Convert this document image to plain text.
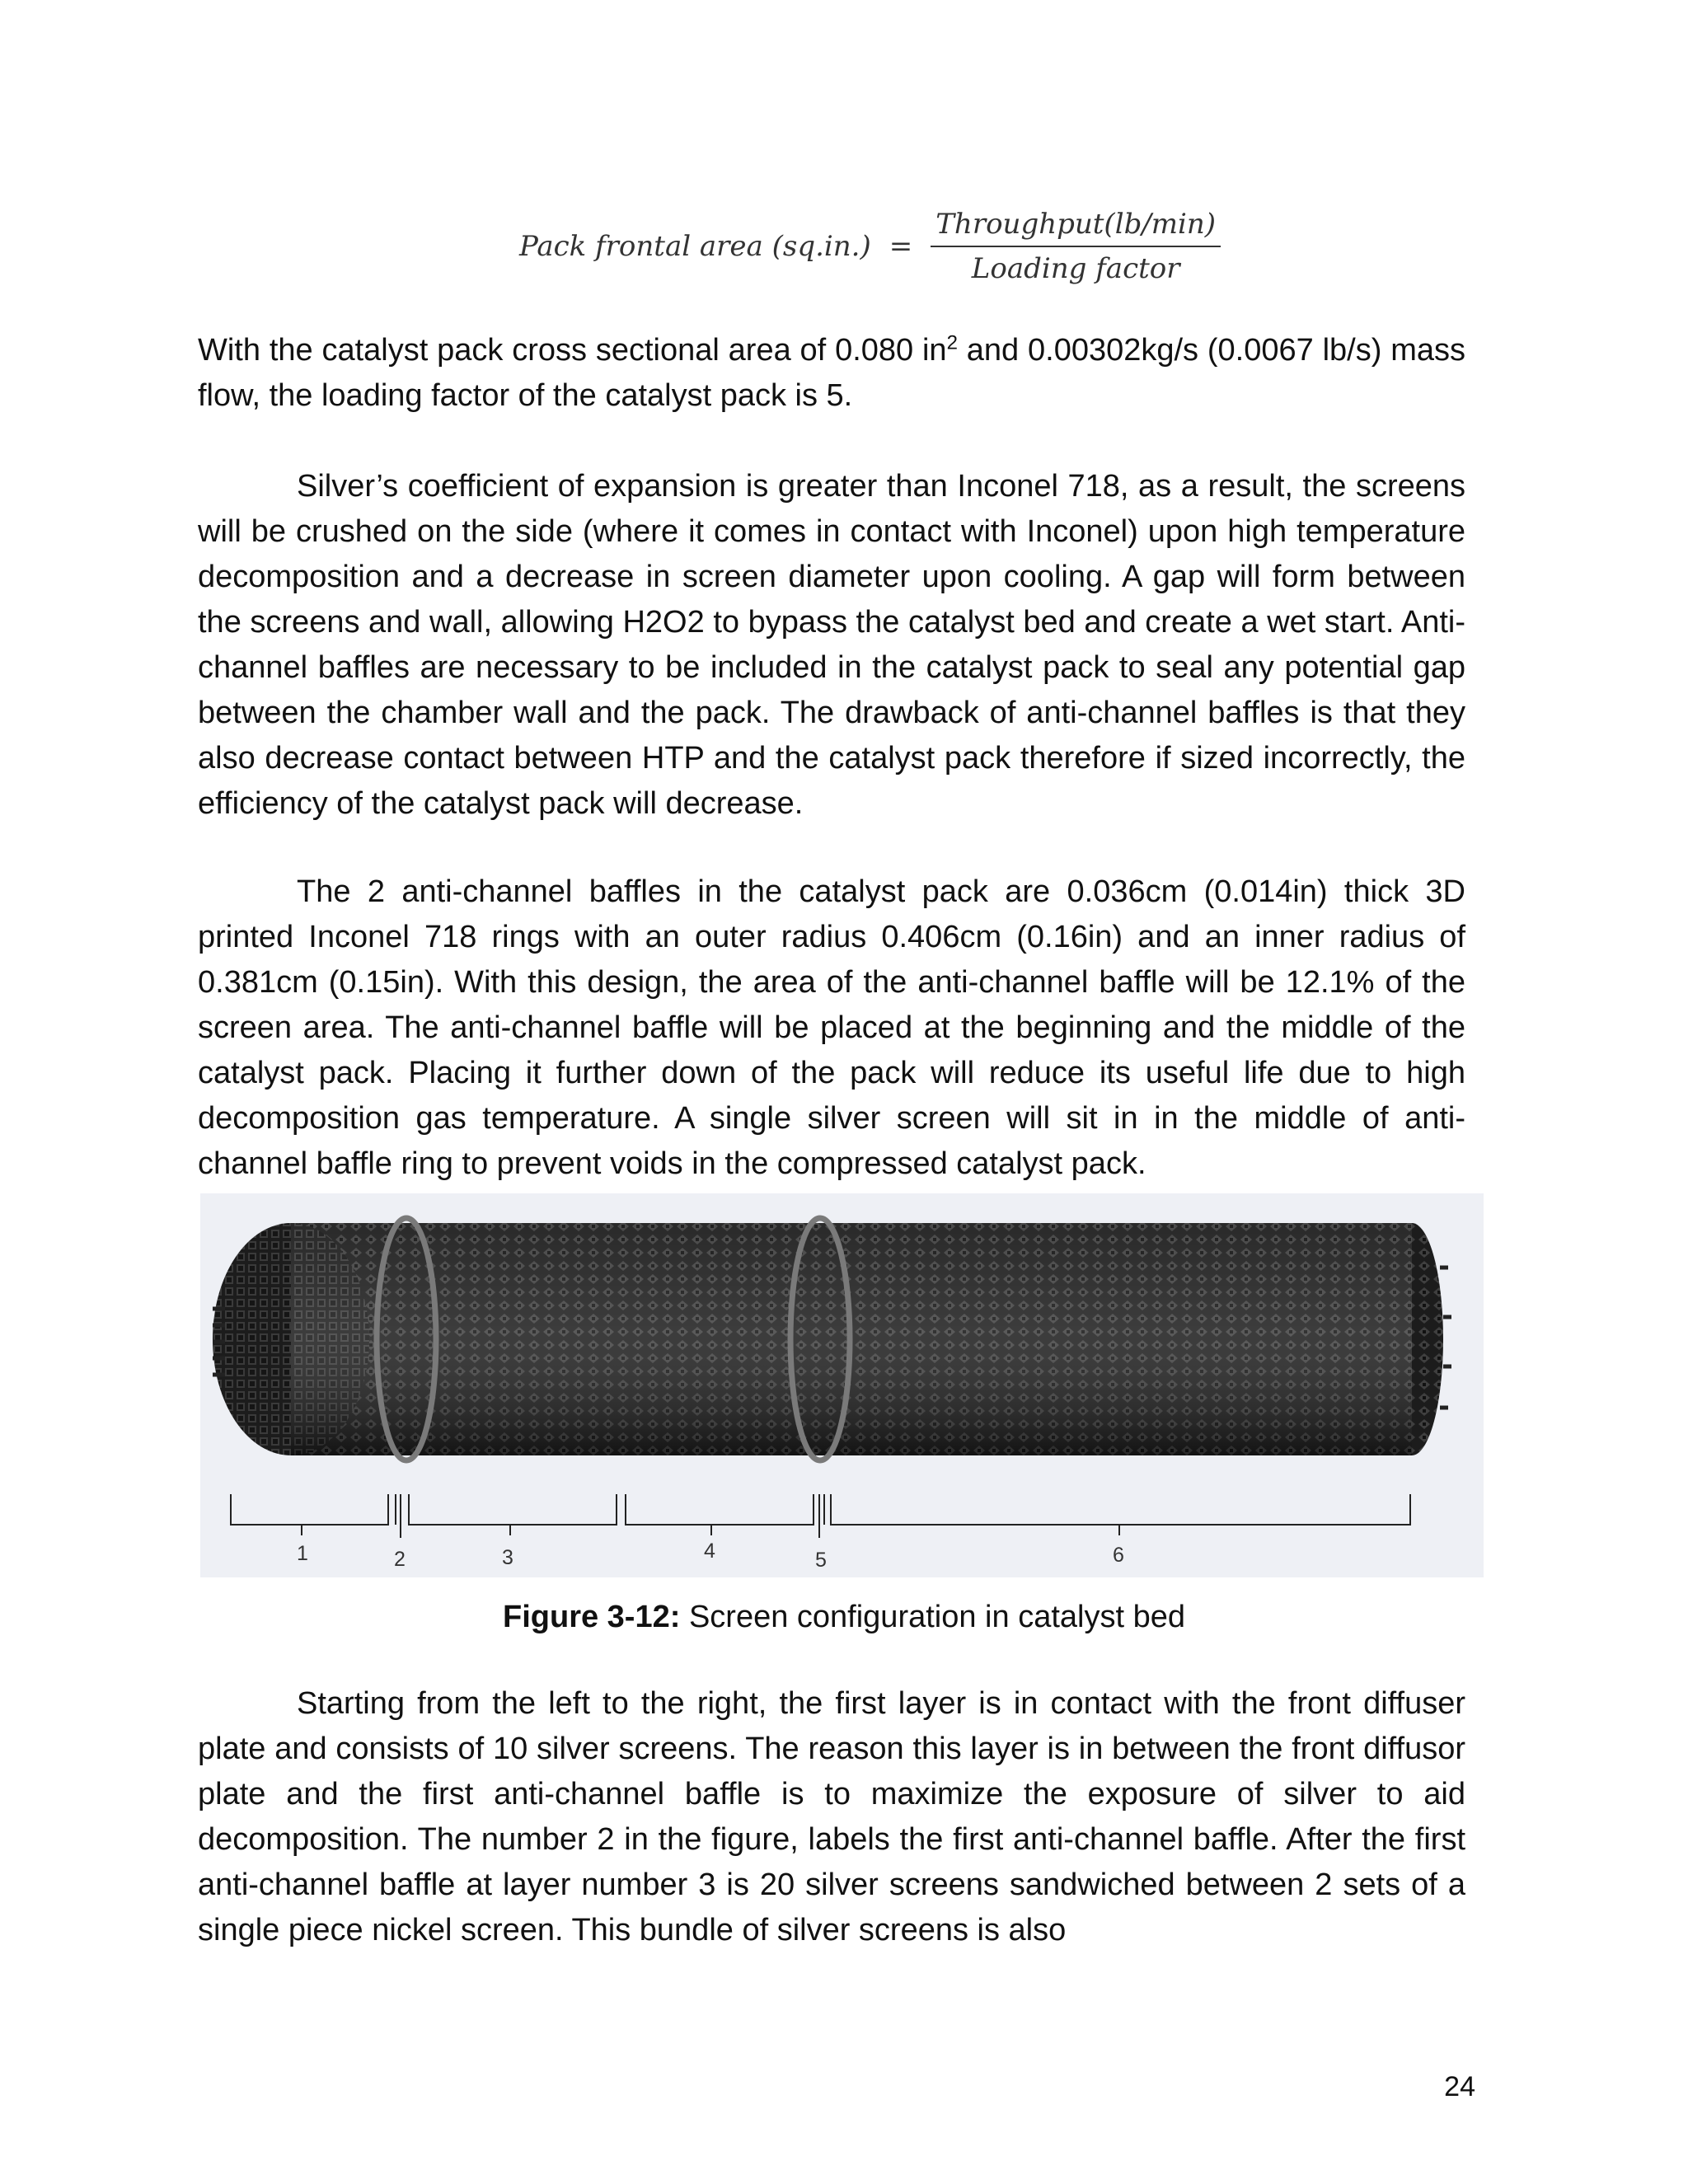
Pack frontal area $(sq.in.) = \frac{\text{Throughput(lb/min)}}{\text{Loading factor}}$

With the catalyst pack cross sectional area of 0.080 $in^2$ and 0.00302kg/s (0.0067 lb/s) mass flow, the loading factor of the catalyst pack is 5.

Silver’s coefficient of expansion is greater than Inconel 718, as a result, the screens will be crushed on the side (where it comes in contact with Inconel) upon high temperature decomposition and a decrease in screen diameter upon cooling. A gap will form between the screens and wall, allowing H2O2 to bypass the catalyst bed and create a wet start. Anti-channel baffles are necessary to be included in the catalyst pack to seal any potential gap between the chamber wall and the pack. The drawback of anti-channel baffles is that they also decrease contact between HTP and the catalyst pack therefore if sized incorrectly, the efficiency of the catalyst pack will decrease.

The 2 anti-channel baffles in the catalyst pack are 0.036cm (0.014in) thick 3D printed Inconel 718 rings with an outer radius 0.406cm (0.16in) and an inner radius of 0.381cm (0.15in). With this design, the area of the anti-channel baffle will be 12.1% of the screen area. The anti-channel baffle will be placed at the beginning and the middle of the catalyst pack. Placing it further down of the pack will reduce its useful life due to high decomposition gas temperature. A single silver screen will sit in in the middle of anti-channel baffle ring to prevent voids in the compressed catalyst pack.

1	2	3	4	5	6
Figure 3-12: Screen configuration in catalyst bed

Starting from the left to the right, the first layer is in contact with the front diffuser plate and consists of 10 silver screens. The reason this layer is in between the front diffusor plate and the first anti-channel baffle is to maximize the exposure of silver to aid decomposition. The number 2 in the figure, labels the first anti-channel baffle. After the first anti-channel baffle at layer number 3 is 20 silver screens sandwiched between 2 sets of a single piece nickel screen. This bundle of silver screens is also

24
